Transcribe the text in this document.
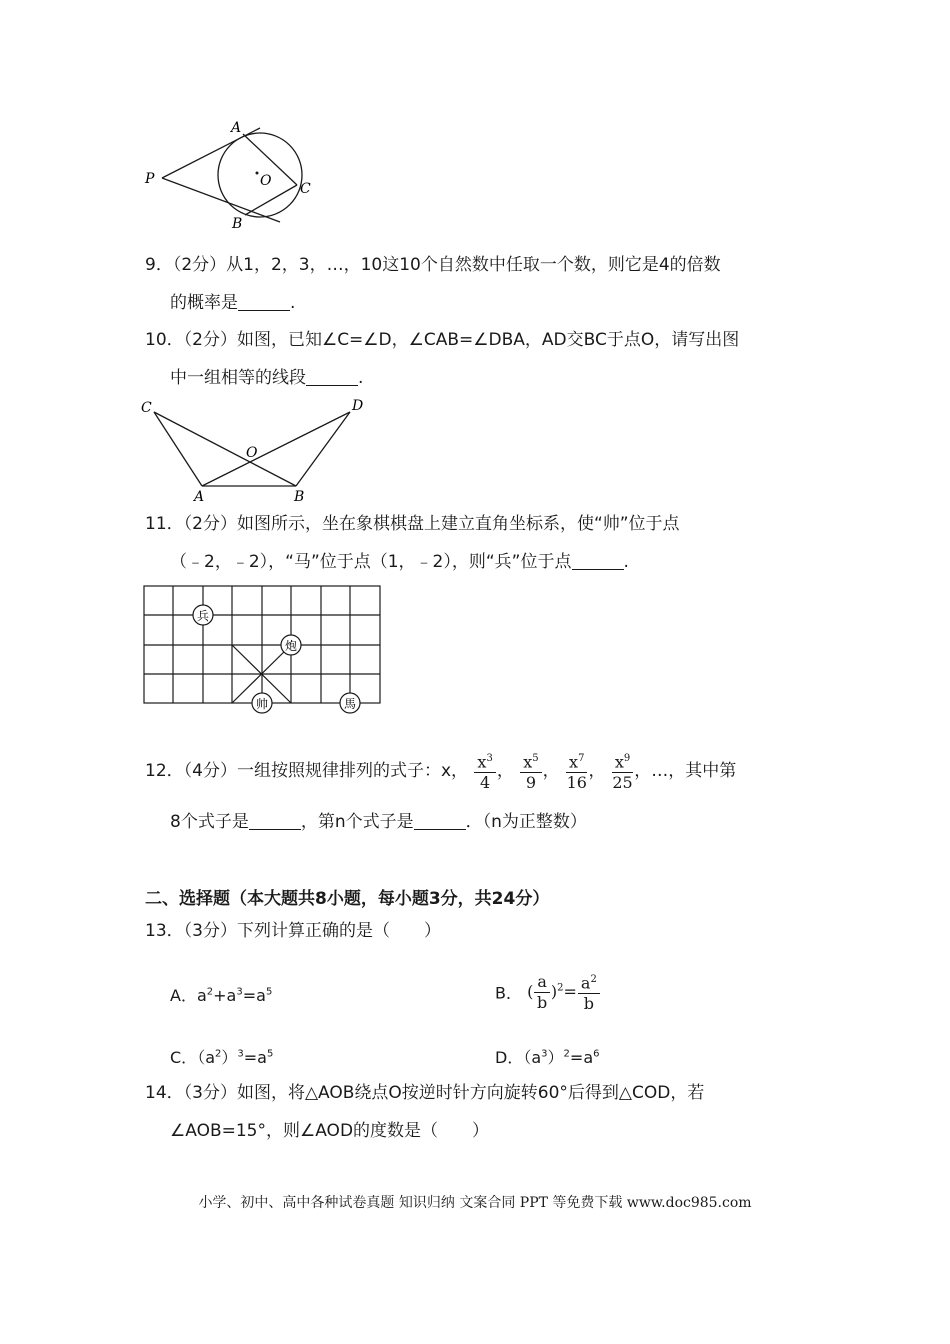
A
O C
P
B
9．（2分）从1，2，3，…，10这10个自然数中任取一个数，则它是4的倍数
的概率是	.
10．（2分）如图，已知∠C=∠D，∠CAB=∠DBA，AD交BC于点O，请写出图
中一组相等的线段	.
C	D
O
A	B
11．（2分）如图所示，坐在象棋棋盘上建立直角坐标系，使“帅”位于点
（﹣2，﹣2），“马”位于点（1，﹣2），则“兵”位于点	.
兵
炮
帅	馬
12．（4分）一组按照规律排列的式子：x， $\frac{x^3}{4}$ ， $\frac{x^5}{9}$ ， $\frac{x^7}{16}$ ， $\frac{x^9}{25}$ ，…，其中第
8个式子是	，第n个式子是	．（n为正整数）
二、选择题（本大题共8小题，每小题3分，共24分）
13．（3分）下列计算正确的是（　　）
A．$a^2+a^3=a^5$	B． ( $\frac{a}{b} )^2= \frac{a^2}{b}$
C．$(a^2)^3=a^5$	D．$(a^3)^2=a^6$
14．（3分）如图，将△AOB绕点O按逆时针方向旋转60°后得到△COD，若
∠AOB=15°，则∠AOD的度数是（　　）
小学、初中、高中各种试卷真题 知识归纳 文案合同 PPT 等免费下载 www.doc985.com
